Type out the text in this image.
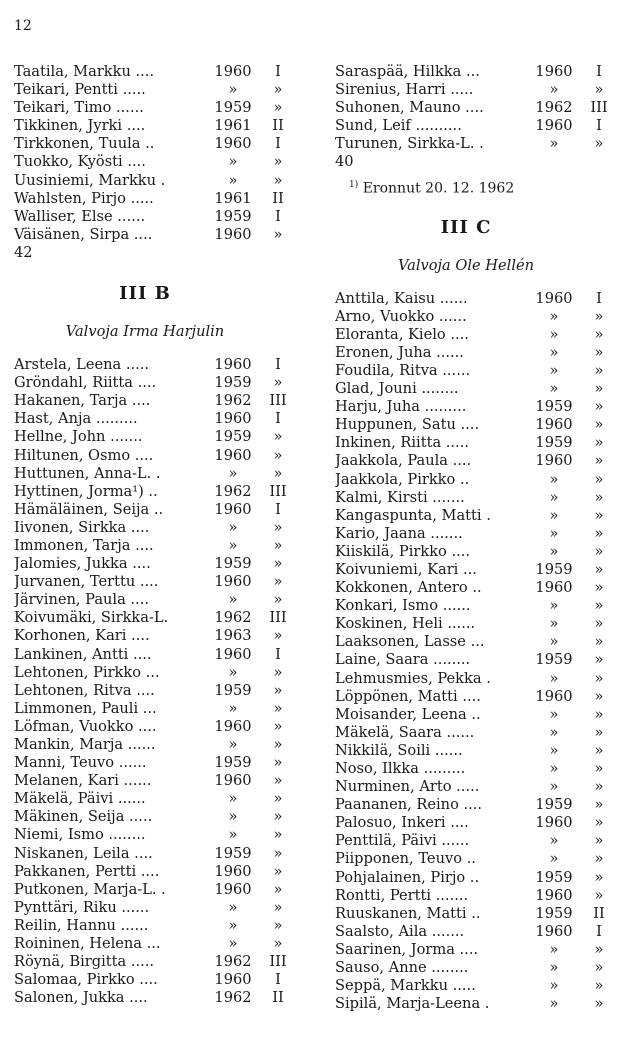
12
Taatila, Markku ....	1960	I
Teikari, Pentti .....	»	»
Teikari, Timo ......	1959	»
Tikkinen, Jyrki ....	1961	II
Tirkkonen, Tuula ..	1960	I
Tuokko, Kyösti ....	»	»
Uusiniemi, Markku .	»	»
Wahlsten, Pirjo .....	1961	II
Walliser, Else ......	1959	I
Väisänen, Sirpa ....	1960	»
42
III B
Valvoja Irma Harjulin
Arstela, Leena .....	1960	I
Gröndahl, Riitta ....	1959	»
Hakanen, Tarja ....	1962	III
Hast, Anja .........	1960	I
Hellne, John .......	1959	»
Hiltunen, Osmo ....	1960	»
Huttunen, Anna-L. .	»	»
Hyttinen, Jorma¹) ..	1962	III
Hämäläinen, Seija ..	1960	I
Iivonen, Sirkka ....	»	»
Immonen, Tarja ....	»	»
Jalomies, Jukka ....	1959	»
Jurvanen, Terttu ....	1960	»
Järvinen, Paula ....	»	»
Koivumäki, Sirkka-L.	1962	III
Korhonen, Kari ....	1963	»
Lankinen, Antti ....	1960	I
Lehtonen, Pirkko ...	»	»
Lehtonen, Ritva ....	1959	»
Limmonen, Pauli ...	»	»
Löfman, Vuokko ....	1960	»
Mankin, Marja ......	»	»
Manni, Teuvo ......	1959	»
Melanen, Kari ......	1960	»
Mäkelä, Päivi ......	»	»
Mäkinen, Seija .....	»	»
Niemi, Ismo ........	»	»
Niskanen, Leila ....	1959	»
Pakkanen, Pertti ....	1960	»
Putkonen, Marja-L. .	1960	»
Pynttäri, Riku ......	»	»
Reilin, Hannu ......	»	»
Roininen, Helena ...	»	»
Röynä, Birgitta .....	1962	III
Salomaa, Pirkko ....	1960	I
Salonen, Jukka ....	1962	II
Saraspää, Hilkka ...	1960	I
Sirenius, Harri .....	»	»
Suhonen, Mauno ....	1962	III
Sund, Leif ..........	1960	I
Turunen, Sirkka-L. .	»	»
40
$^{1)}$ Eronnut 20. 12. 1962
III C
Valvoja Ole Hellén
Anttila, Kaisu ......	1960	I
Arno, Vuokko ......	»	»
Eloranta, Kielo ....	»	»
Eronen, Juha ......	»	»
Foudila, Ritva ......	»	»
Glad, Jouni ........	»	»
Harju, Juha .........	1959	»
Huppunen, Satu ....	1960	»
Inkinen, Riitta .....	1959	»
Jaakkola, Paula ....	1960	»
Jaakkola, Pirkko ..	»	»
Kalmi, Kirsti .......	»	»
Kangaspunta, Matti .	»	»
Kario, Jaana .......	»	»
Kiiskilä, Pirkko ....	»	»
Koivuniemi, Kari ...	1959	»
Kokkonen, Antero ..	1960	»
Konkari, Ismo ......	»	»
Koskinen, Heli ......	»	»
Laaksonen, Lasse ...	»	»
Laine, Saara ........	1959	»
Lehmusmies, Pekka .	»	»
Löppönen, Matti ....	1960	»
Moisander, Leena ..	»	»
Mäkelä, Saara ......	»	»
Nikkilä, Soili ......	»	»
Noso, Ilkka .........	»	»
Nurminen, Arto .....	»	»
Paananen, Reino ....	1959	»
Palosuo, Inkeri ....	1960	»
Penttilä, Päivi ......	»	»
Piipponen, Teuvo ..	»	»
Pohjalainen, Pirjo ..	1959	»
Rontti, Pertti .......	1960	»
Ruuskanen, Matti ..	1959	II
Saalsto, Aila .......	1960	I
Saarinen, Jorma ....	»	»
Sauso, Anne ........	»	»
Seppä, Markku .....	»	»
Sipilä, Marja-Leena .	»	»
